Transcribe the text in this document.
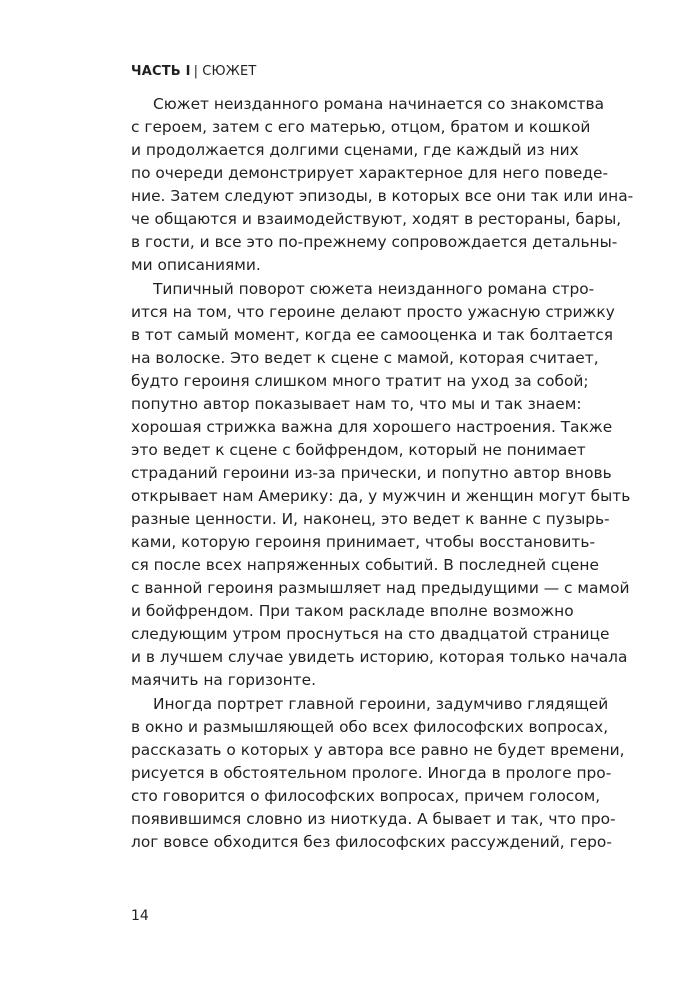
ЧАСТЬ I | СЮЖЕТ
Сюжет неизданного романа начинается со знакомства
с героем, затем с его матерью, отцом, братом и кошкой
и продолжается долгими сценами, где каждый из них
по очереди демонстрирует характерное для него поведе-
ние. Затем следуют эпизоды, в которых все они так или ина-
че общаются и взаимодействуют, ходят в рестораны, бары,
в гости, и все это по-прежнему сопровождается детальны-
ми описаниями.
Типичный поворот сюжета неизданного романа стро-
ится на том, что героине делают просто ужасную стрижку
в тот самый момент, когда ее самооценка и так болтается
на волоске. Это ведет к сцене с мамой, которая считает,
будто героиня слишком много тратит на уход за собой;
попутно автор показывает нам то, что мы и так знаем:
хорошая стрижка важна для хорошего настроения. Также
это ведет к сцене с бойфрендом, который не понимает
страданий героини из-за прически, и попутно автор вновь
открывает нам Америку: да, у мужчин и женщин могут быть
разные ценности. И, наконец, это ведет к ванне с пузырь-
ками, которую героиня принимает, чтобы восстановить-
ся после всех напряженных событий. В последней сцене
с ванной героиня размышляет над предыдущими — с мамой
и бойфрендом. При таком раскладе вполне возможно
следующим утром проснуться на сто двадцатой странице
и в лучшем случае увидеть историю, которая только начала
маячить на горизонте.
Иногда портрет главной героини, задумчиво глядящей
в окно и размышляющей обо всех философских вопросах,
рассказать о которых у автора все равно не будет времени,
рисуется в обстоятельном прологе. Иногда в прологе про-
сто говорится о философских вопросах, причем голосом,
появившимся словно из ниоткуда. А бывает и так, что про-
лог вовсе обходится без философских рассуждений, геро-
14
